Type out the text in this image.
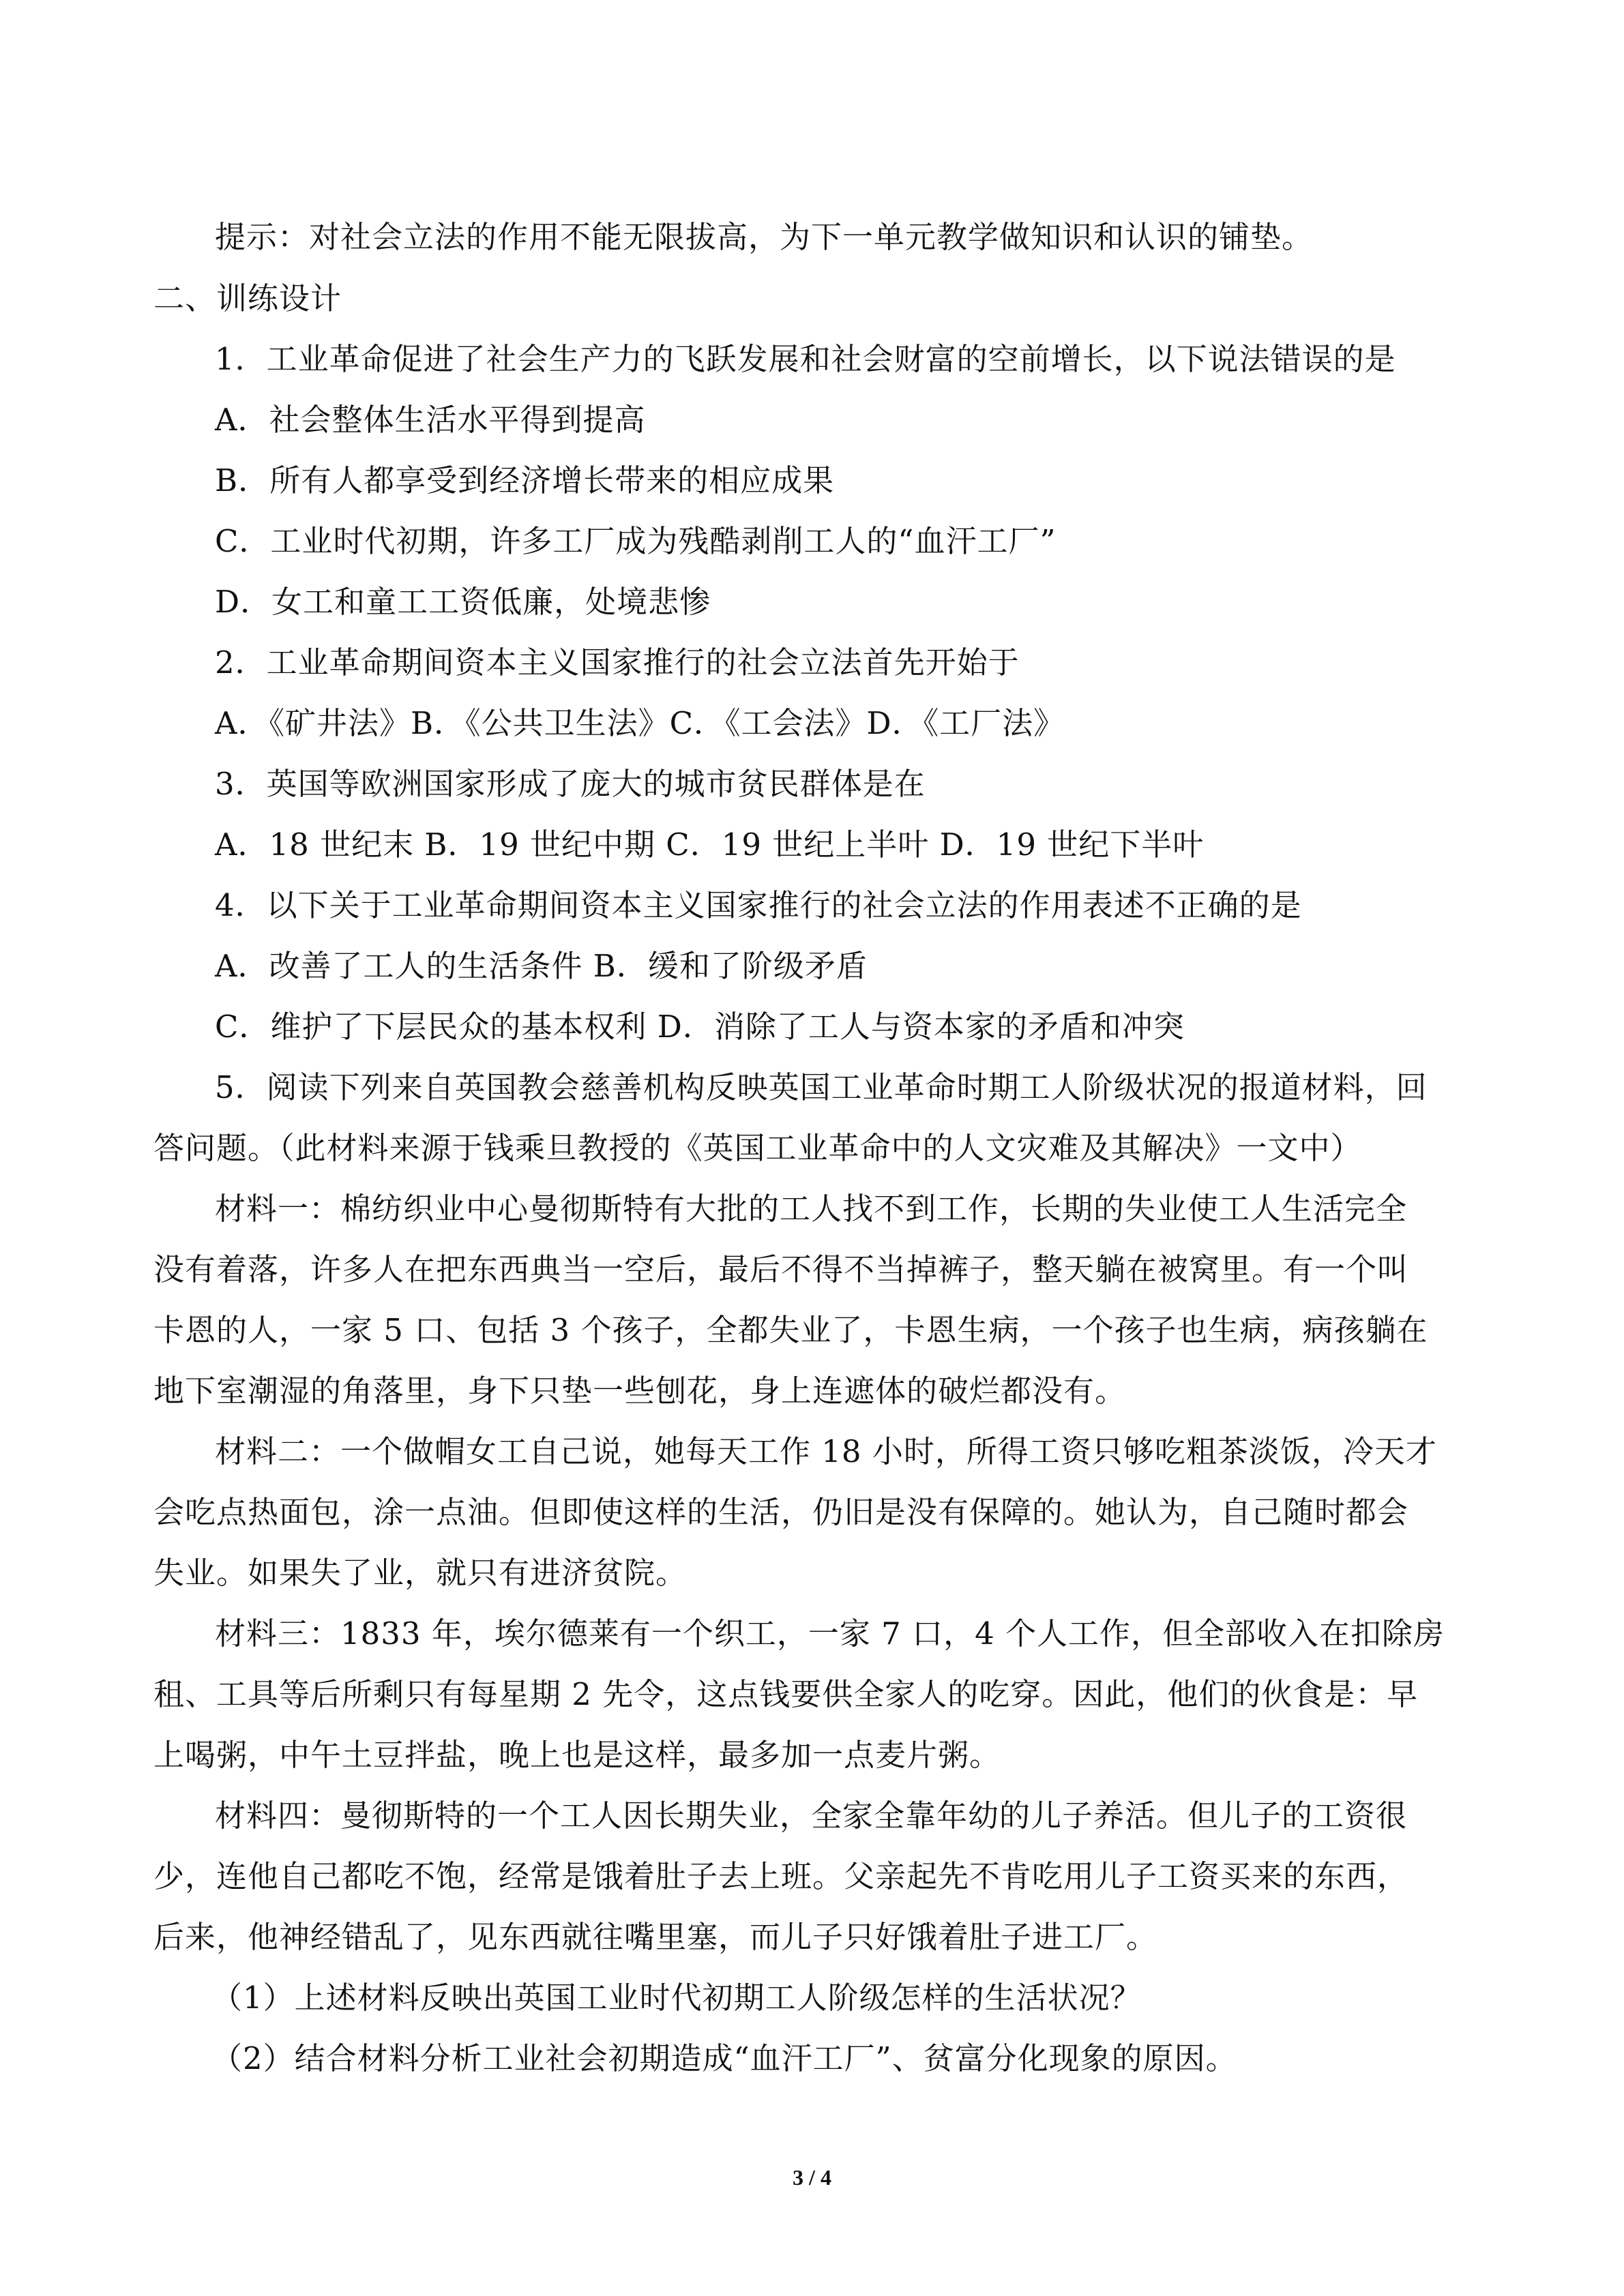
提示：对社会立法的作用不能无限拔高，为下一单元教学做知识和认识的铺垫。
二、训练设计
1．工业革命促进了社会生产力的飞跃发展和社会财富的空前增长，以下说法错误的是
A．社会整体生活水平得到提高
B．所有人都享受到经济增长带来的相应成果
C．工业时代初期，许多工厂成为残酷剥削工人的“血汗工厂”
D．女工和童工工资低廉，处境悲惨
2．工业革命期间资本主义国家推行的社会立法首先开始于
A．《矿井法》B．《公共卫生法》C．《工会法》D．《工厂法》
3．英国等欧洲国家形成了庞大的城市贫民群体是在
A．18 世纪末 B．19 世纪中期 C．19 世纪上半叶 D．19 世纪下半叶
4．以下关于工业革命期间资本主义国家推行的社会立法的作用表述不正确的是
A．改善了工人的生活条件 B．缓和了阶级矛盾
C．维护了下层民众的基本权利 D．消除了工人与资本家的矛盾和冲突
5．阅读下列来自英国教会慈善机构反映英国工业革命时期工人阶级状况的报道材料，回
答问题。（此材料来源于钱乘旦教授的《英国工业革命中的人文灾难及其解决》一文中）
材料一：棉纺织业中心曼彻斯特有大批的工人找不到工作，长期的失业使工人生活完全
没有着落，许多人在把东西典当一空后，最后不得不当掉裤子，整天躺在被窝里。有一个叫
卡恩的人，一家 5 口、包括 3 个孩子，全都失业了，卡恩生病，一个孩子也生病，病孩躺在
地下室潮湿的角落里，身下只垫一些刨花，身上连遮体的破烂都没有。
材料二：一个做帽女工自己说，她每天工作 18 小时，所得工资只够吃粗茶淡饭，冷天才
会吃点热面包，涂一点油。但即使这样的生活，仍旧是没有保障的。她认为，自己随时都会
失业。如果失了业，就只有进济贫院。
材料三：1833 年，埃尔德莱有一个织工，一家 7 口，4 个人工作，但全部收入在扣除房
租、工具等后所剩只有每星期 2 先令，这点钱要供全家人的吃穿。因此，他们的伙食是：早
上喝粥，中午土豆拌盐，晚上也是这样，最多加一点麦片粥。
材料四：曼彻斯特的一个工人因长期失业，全家全靠年幼的儿子养活。但儿子的工资很
少，连他自己都吃不饱，经常是饿着肚子去上班。父亲起先不肯吃用儿子工资买来的东西，
后来，他神经错乱了，见东西就往嘴里塞，而儿子只好饿着肚子进工厂。
（1）上述材料反映出英国工业时代初期工人阶级怎样的生活状况？
（2）结合材料分析工业社会初期造成“血汗工厂”、贫富分化现象的原因。
3 / 4
